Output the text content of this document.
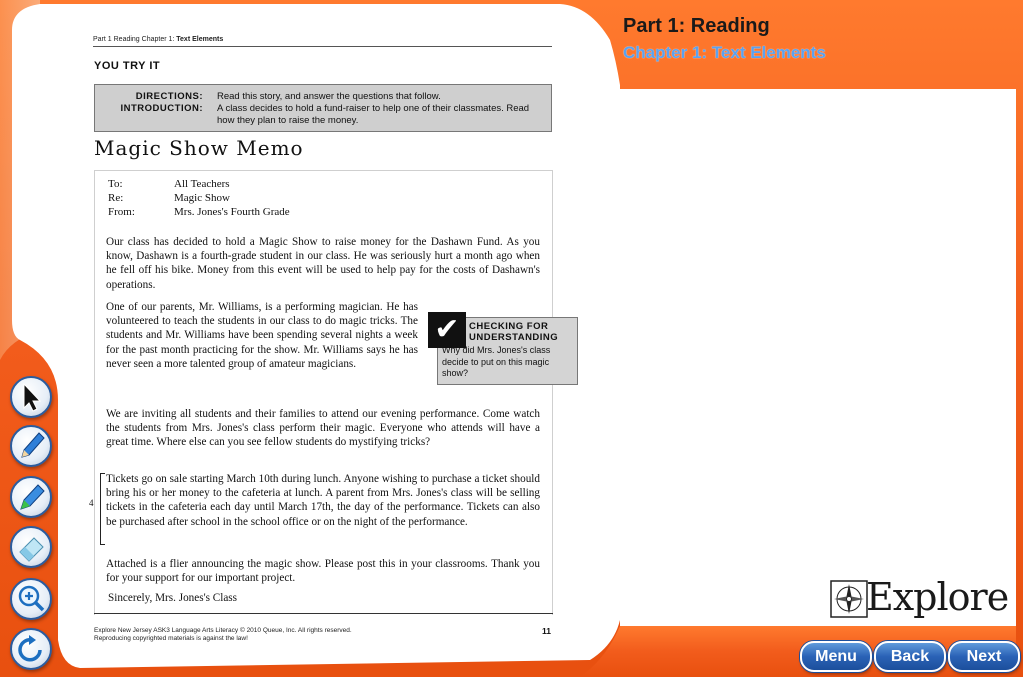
Part 1: Reading
Chapter 1: Text Elements
Part 1 Reading Chapter 1: Text Elements
YOU TRY IT
DIRECTIONS: Read this story, and answer the questions that follow.
INTRODUCTION: A class decides to hold a fund-raiser to help one of their classmates. Read how they plan to raise the money.
Magic Show Memo
To:	All Teachers
Re:	Magic Show
From:	Mrs. Jones's Fourth Grade

Our class has decided to hold a Magic Show to raise money for the Dashawn Fund. As you know, Dashawn is a fourth-grade student in our class. He was seriously hurt a month ago when he fell off his bike. Money from this event will be used to help pay for the costs of Dashawn's operations.

One of our parents, Mr. Williams, is a performing magician. He has volunteered to teach the students in our class to do magic tricks. The students and Mr. Williams have been spending several nights a week for the past month practicing for the show. Mr. Williams says he has never seen a more talented group of amateur magicians.

We are inviting all students and their families to attend our evening performance. Come watch the students from Mrs. Jones's class perform their magic. Everyone who attends will have a great time. Where else can you see fellow students do mystifying tricks?

Tickets go on sale starting March 10th during lunch. Anyone wishing to purchase a ticket should bring his or her money to the cafeteria at lunch. A parent from Mrs. Jones's class will be selling tickets in the cafeteria each day until March 17th, the day of the performance. Tickets can also be purchased after school in the school office or on the night of the performance.

Attached is a flier announcing the magic show. Please post this in your classrooms. Thank you for your support for our important project.

Sincerely, Mrs. Jones's Class
4
✔ CHECKING FOR
UNDERSTANDING
Why did Mrs. Jones's class decide to put on this magic show?
Explore New Jersey ASK3 Language Arts Literacy © 2010 Queue, Inc. All rights reserved.
Reproducing copyrighted materials is against the law!
11
Explore
Menu	Back	Next
